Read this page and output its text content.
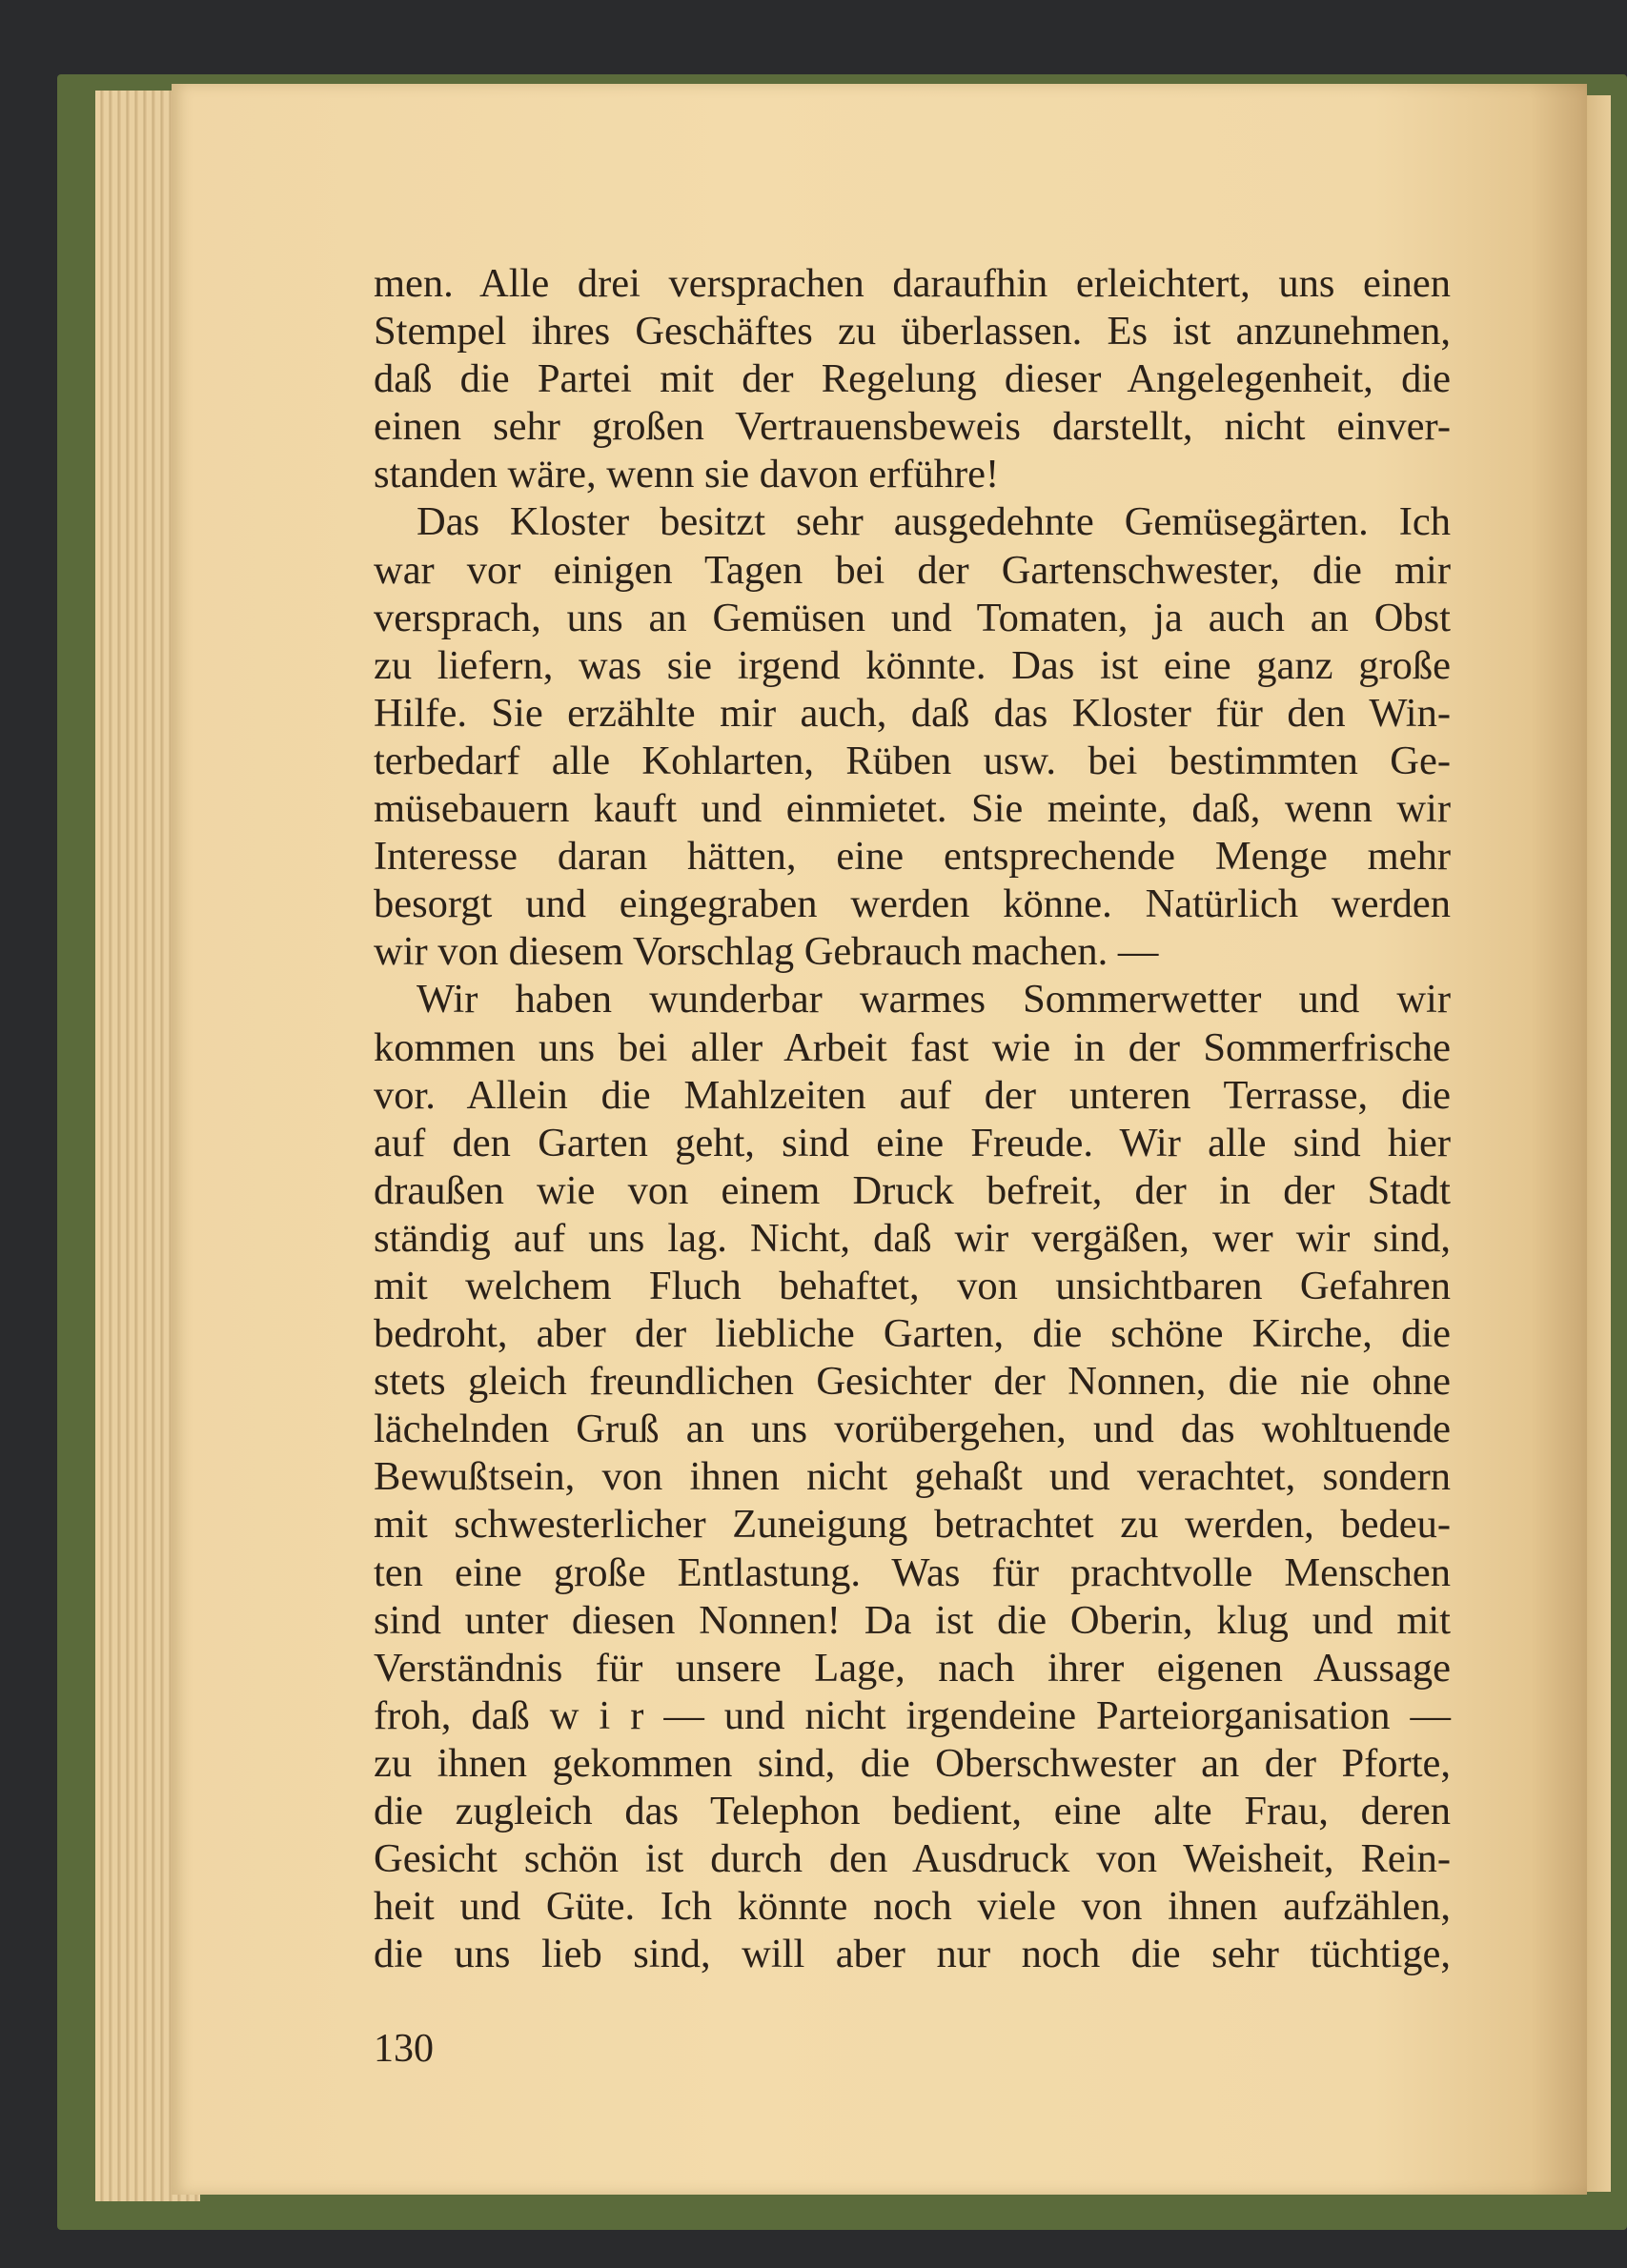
men. Alle drei versprachen daraufhin erleichtert, uns einen
Stempel ihres Geschäftes zu überlassen. Es ist anzunehmen,
daß die Partei mit der Regelung dieser Angelegenheit, die
einen sehr großen Vertrauensbeweis darstellt, nicht einver-
standen wäre, wenn sie davon erführe!
Das Kloster besitzt sehr ausgedehnte Gemüsegärten. Ich
war vor einigen Tagen bei der Gartenschwester, die mir
versprach, uns an Gemüsen und Tomaten, ja auch an Obst
zu liefern, was sie irgend könnte. Das ist eine ganz große
Hilfe. Sie erzählte mir auch, daß das Kloster für den Win-
terbedarf alle Kohlarten, Rüben usw. bei bestimmten Ge-
müsebauern kauft und einmietet. Sie meinte, daß, wenn wir
Interesse daran hätten, eine entsprechende Menge mehr
besorgt und eingegraben werden könne. Natürlich werden
wir von diesem Vorschlag Gebrauch machen. —
Wir haben wunderbar warmes Sommerwetter und wir
kommen uns bei aller Arbeit fast wie in der Sommerfrische
vor. Allein die Mahlzeiten auf der unteren Terrasse, die
auf den Garten geht, sind eine Freude. Wir alle sind hier
draußen wie von einem Druck befreit, der in der Stadt
ständig auf uns lag. Nicht, daß wir vergäßen, wer wir sind,
mit welchem Fluch behaftet, von unsichtbaren Gefahren
bedroht, aber der liebliche Garten, die schöne Kirche, die
stets gleich freundlichen Gesichter der Nonnen, die nie ohne
lächelnden Gruß an uns vorübergehen, und das wohltuende
Bewußtsein, von ihnen nicht gehaßt und verachtet, sondern
mit schwesterlicher Zuneigung betrachtet zu werden, bedeu-
ten eine große Entlastung. Was für prachtvolle Menschen
sind unter diesen Nonnen! Da ist die Oberin, klug und mit
Verständnis für unsere Lage, nach ihrer eigenen Aussage
froh, daß w i r — und nicht irgendeine Parteiorganisation —
zu ihnen gekommen sind, die Oberschwester an der Pforte,
die zugleich das Telephon bedient, eine alte Frau, deren
Gesicht schön ist durch den Ausdruck von Weisheit, Rein-
heit und Güte. Ich könnte noch viele von ihnen aufzählen,
die uns lieb sind, will aber nur noch die sehr tüchtige,
130
